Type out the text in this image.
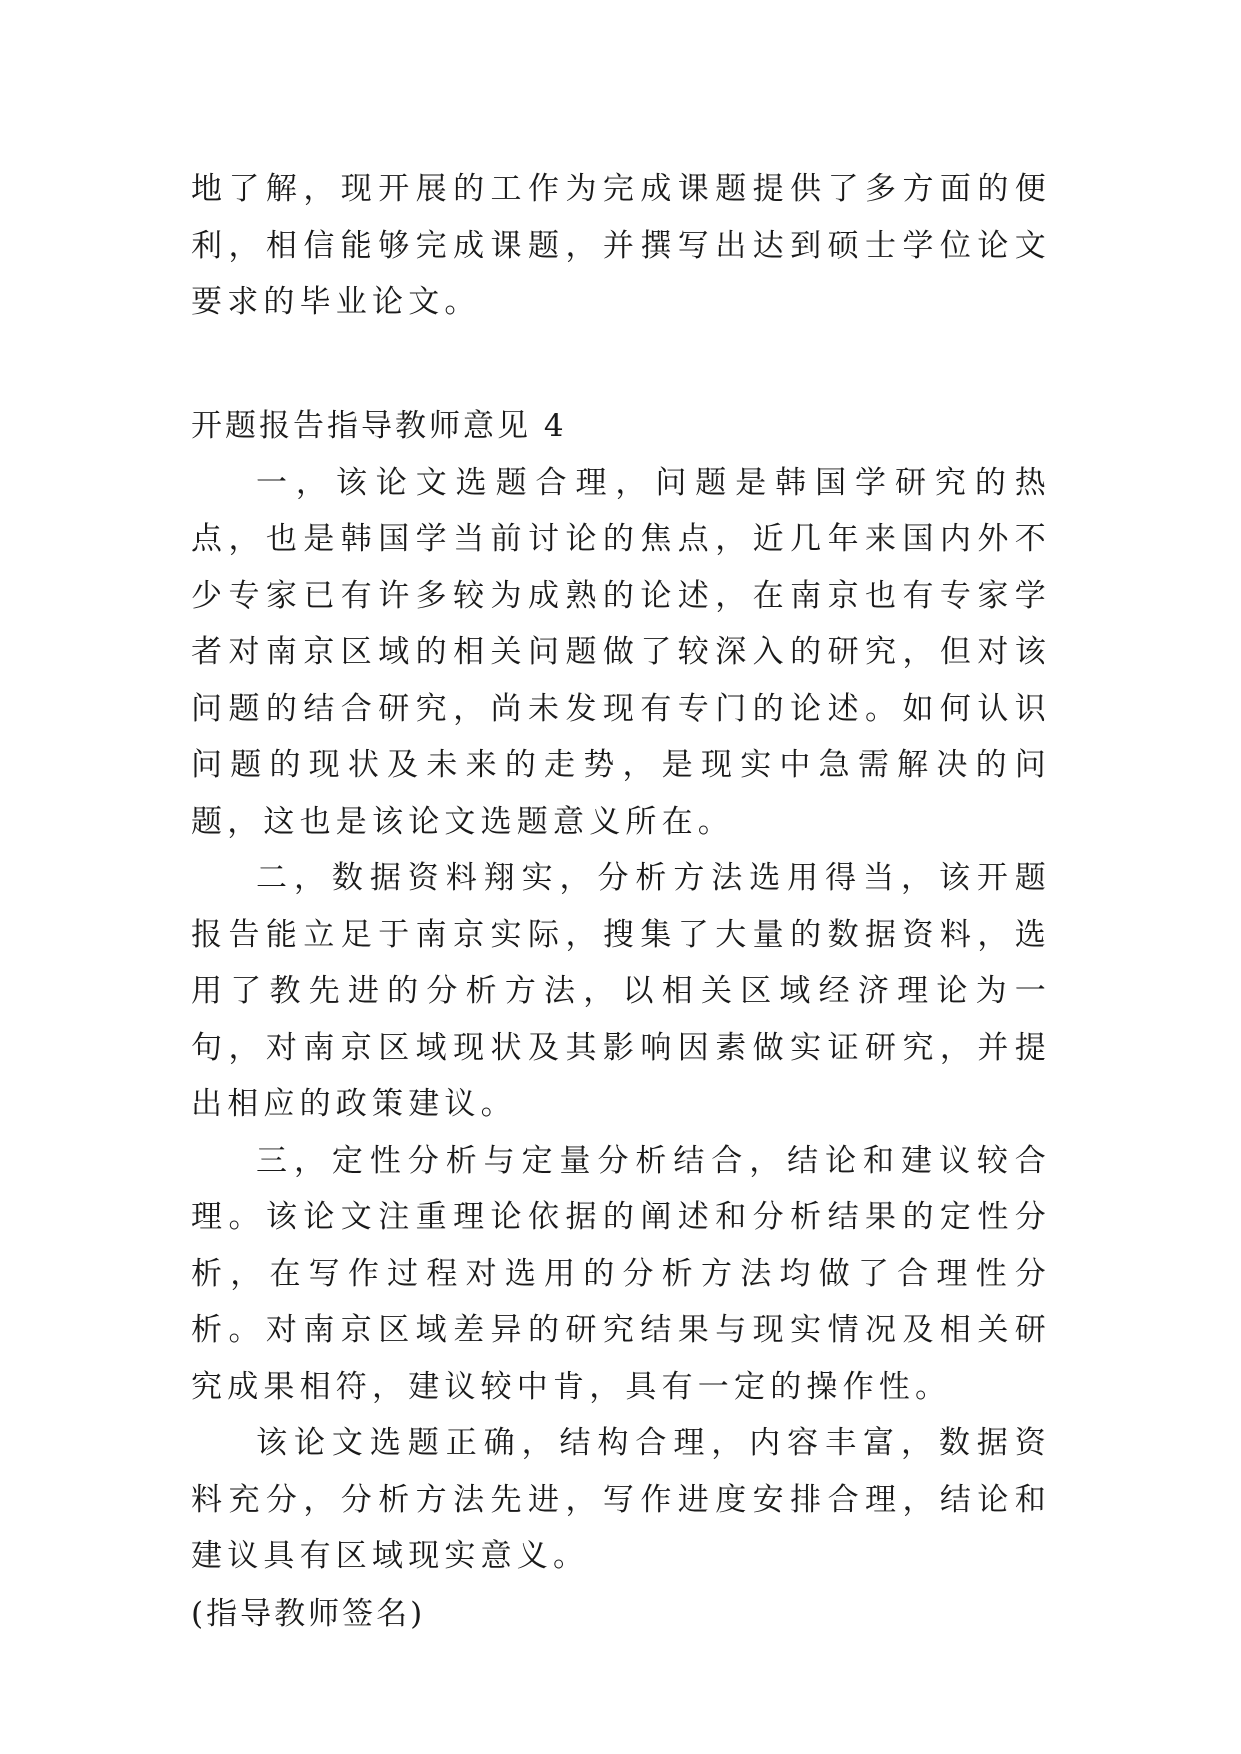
地了解，现开展的工作为完成课题提供了多方面的便利，相信能够完成课题，并撰写出达到硕士学位论文要求的毕业论文。

开题报告指导教师意见 4

一，该论文选题合理，问题是韩国学研究的热点，也是韩国学当前讨论的焦点，近几年来国内外不少专家已有许多较为成熟的论述，在南京也有专家学者对南京区域的相关问题做了较深入的研究，但对该问题的结合研究，尚未发现有专门的论述。如何认识问题的现状及未来的走势，是现实中急需解决的问题，这也是该论文选题意义所在。

二，数据资料翔实，分析方法选用得当，该开题报告能立足于南京实际，搜集了大量的数据资料，选用了教先进的分析方法，以相关区域经济理论为一句，对南京区域现状及其影响因素做实证研究，并提出相应的政策建议。

三，定性分析与定量分析结合，结论和建议较合理。该论文注重理论依据的阐述和分析结果的定性分析，在写作过程对选用的分析方法均做了合理性分析。对南京区域差异的研究结果与现实情况及相关研究成果相符，建议较中肯，具有一定的操作性。

该论文选题正确，结构合理，内容丰富，数据资料充分，分析方法先进，写作进度安排合理，结论和建议具有区域现实意义。

(指导教师签名)
